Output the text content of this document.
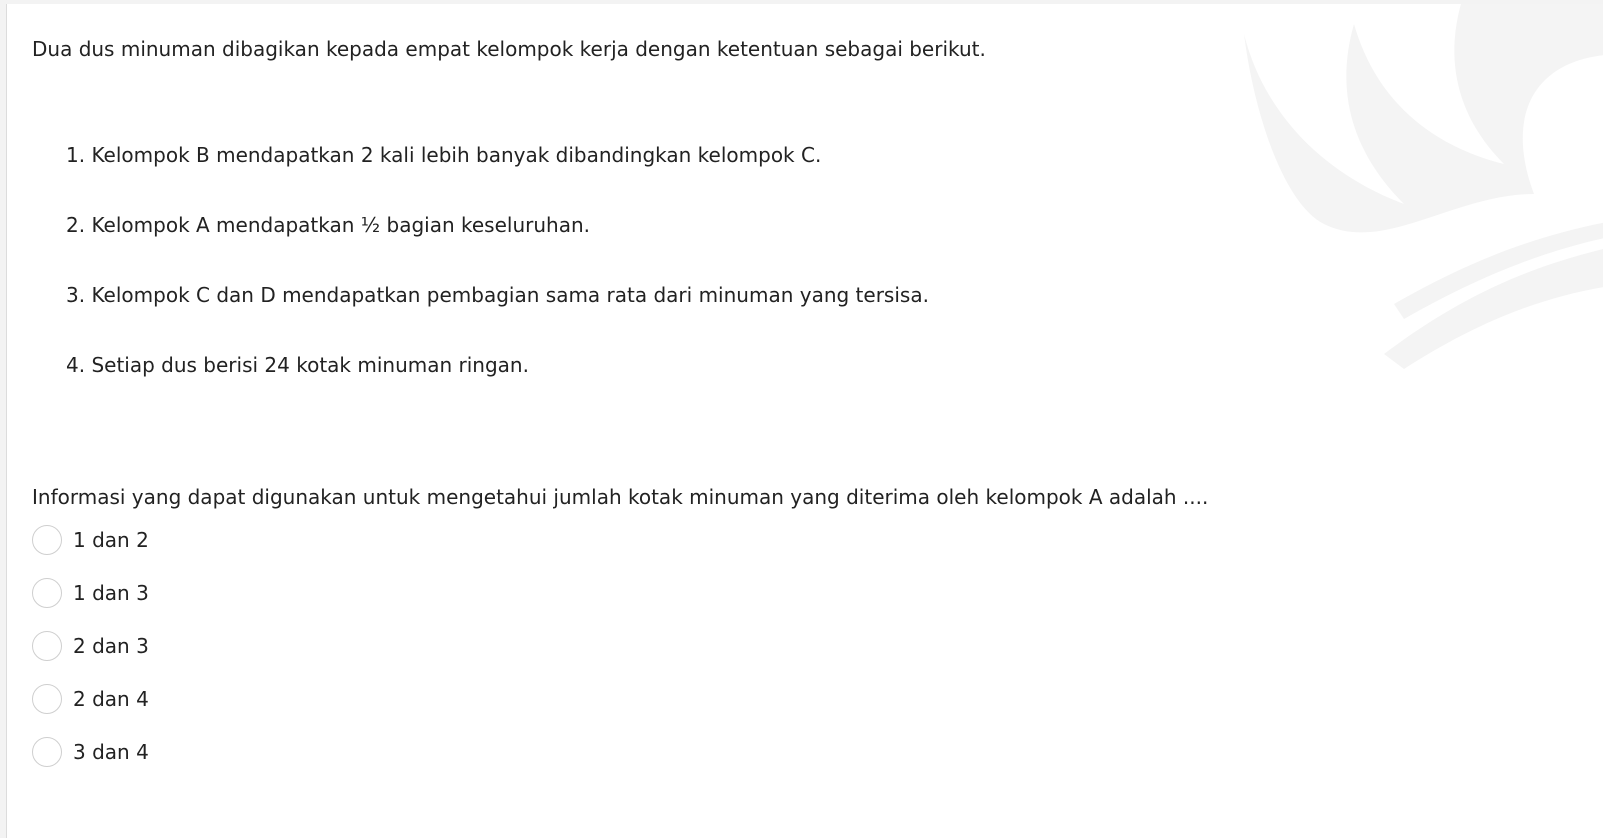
Dua dus minuman dibagikan kepada empat kelompok kerja dengan ketentuan sebagai berikut.

1. Kelompok B mendapatkan 2 kali lebih banyak dibandingkan kelompok C.
2. Kelompok A mendapatkan ½ bagian keseluruhan.
3. Kelompok C dan D mendapatkan pembagian sama rata dari minuman yang tersisa.
4. Setiap dus berisi 24 kotak minuman ringan.

Informasi yang dapat digunakan untuk mengetahui jumlah kotak minuman yang diterima oleh kelompok A adalah ....

1 dan 2
1 dan 3
2 dan 3
2 dan 4
3 dan 4
